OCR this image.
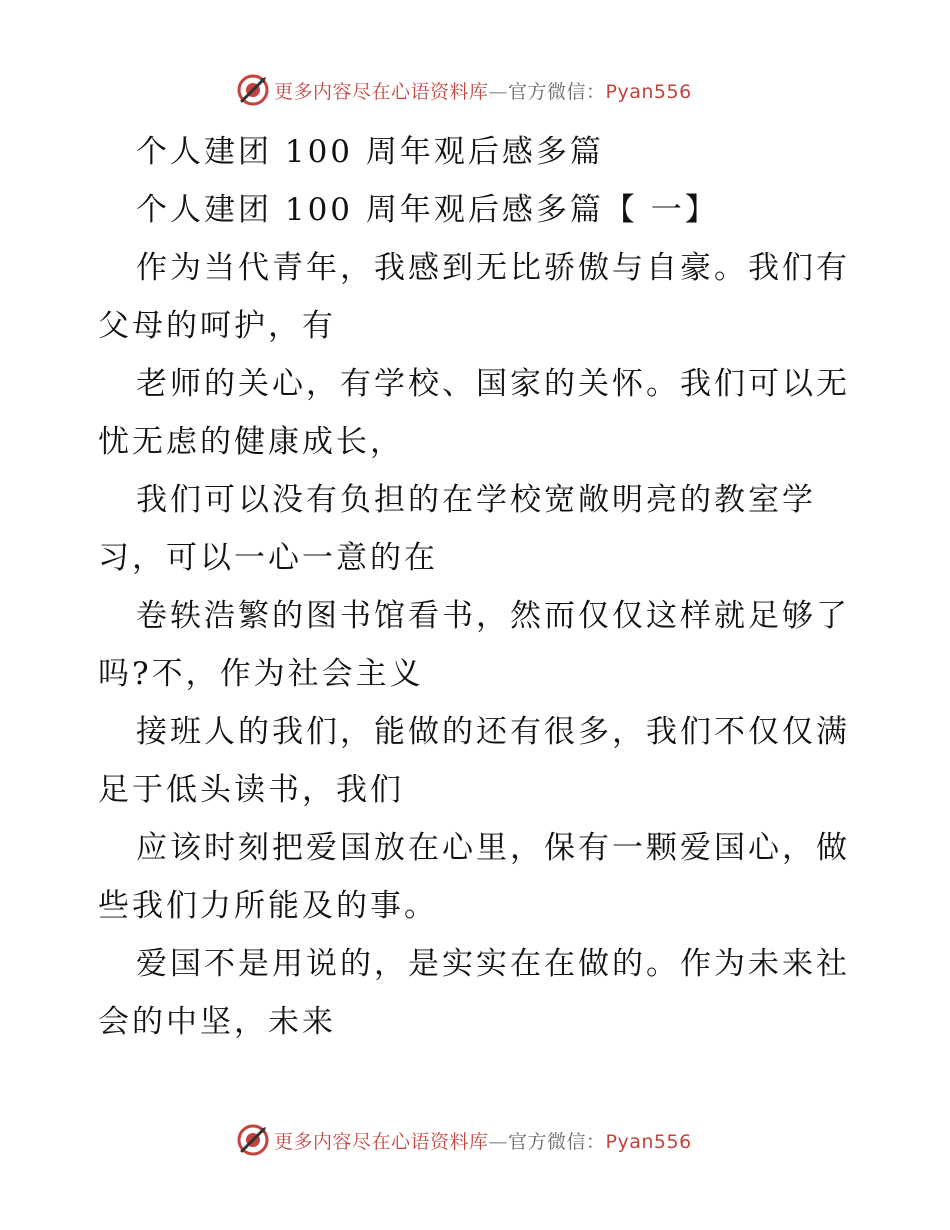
更多内容尽在心语资料库—官方微信：Pyan556
个人建团 100 周年观后感多篇
个人建团 100 周年观后感多篇【 一】
作为当代青年，我感到无比骄傲与自豪。我们有
父母的呵护，有
老师的关心，有学校、国家的关怀。我们可以无
忧无虑的健康成长，
我们可以没有负担的在学校宽敞明亮的教室学
习，可以一心一意的在
卷轶浩繁的图书馆看书，然而仅仅这样就足够了
吗?不，作为社会主义
接班人的我们，能做的还有很多，我们不仅仅满
足于低头读书，我们
应该时刻把爱国放在心里，保有一颗爱国心，做
些我们力所能及的事。
爱国不是用说的，是实实在在做的。作为未来社
会的中坚，未来
更多内容尽在心语资料库—官方微信：Pyan556
